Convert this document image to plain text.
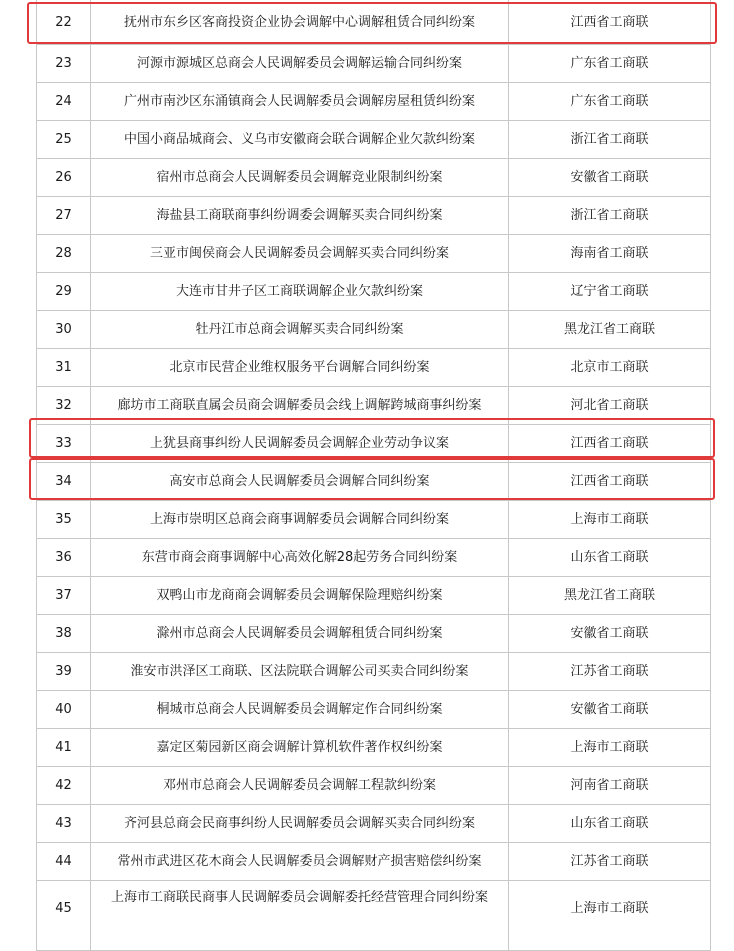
22	抚州市东乡区客商投资企业协会调解中心调解租赁合同纠纷案	江西省工商联
23	河源市源城区总商会人民调解委员会调解运输合同纠纷案	广东省工商联
24	广州市南沙区东涌镇商会人民调解委员会调解房屋租赁纠纷案	广东省工商联
25	中国小商品城商会、义乌市安徽商会联合调解企业欠款纠纷案	浙江省工商联
26	宿州市总商会人民调解委员会调解竞业限制纠纷案	安徽省工商联
27	海盐县工商联商事纠纷调委会调解买卖合同纠纷案	浙江省工商联
28	三亚市闽侯商会人民调解委员会调解买卖合同纠纷案	海南省工商联
29	大连市甘井子区工商联调解企业欠款纠纷案	辽宁省工商联
30	牡丹江市总商会调解买卖合同纠纷案	黑龙江省工商联
31	北京市民营企业维权服务平台调解合同纠纷案	北京市工商联
32	廊坊市工商联直属会员商会调解委员会线上调解跨城商事纠纷案	河北省工商联
33	上犹县商事纠纷人民调解委员会调解企业劳动争议案	江西省工商联
34	高安市总商会人民调解委员会调解合同纠纷案	江西省工商联
35	上海市崇明区总商会商事调解委员会调解合同纠纷案	上海市工商联
36	东营市商会商事调解中心高效化解28起劳务合同纠纷案	山东省工商联
37	双鸭山市龙商商会调解委员会调解保险理赔纠纷案	黑龙江省工商联
38	滁州市总商会人民调解委员会调解租赁合同纠纷案	安徽省工商联
39	淮安市洪泽区工商联、区法院联合调解公司买卖合同纠纷案	江苏省工商联
40	桐城市总商会人民调解委员会调解定作合同纠纷案	安徽省工商联
41	嘉定区菊园新区商会调解计算机软件著作权纠纷案	上海市工商联
42	邓州市总商会人民调解委员会调解工程款纠纷案	河南省工商联
43	齐河县总商会民商事纠纷人民调解委员会调解买卖合同纠纷案	山东省工商联
44	常州市武进区花木商会人民调解委员会调解财产损害赔偿纠纷案	江苏省工商联
45	上海市工商联民商事人民调解委员会调解委托经营管理合同纠纷案	上海市工商联
